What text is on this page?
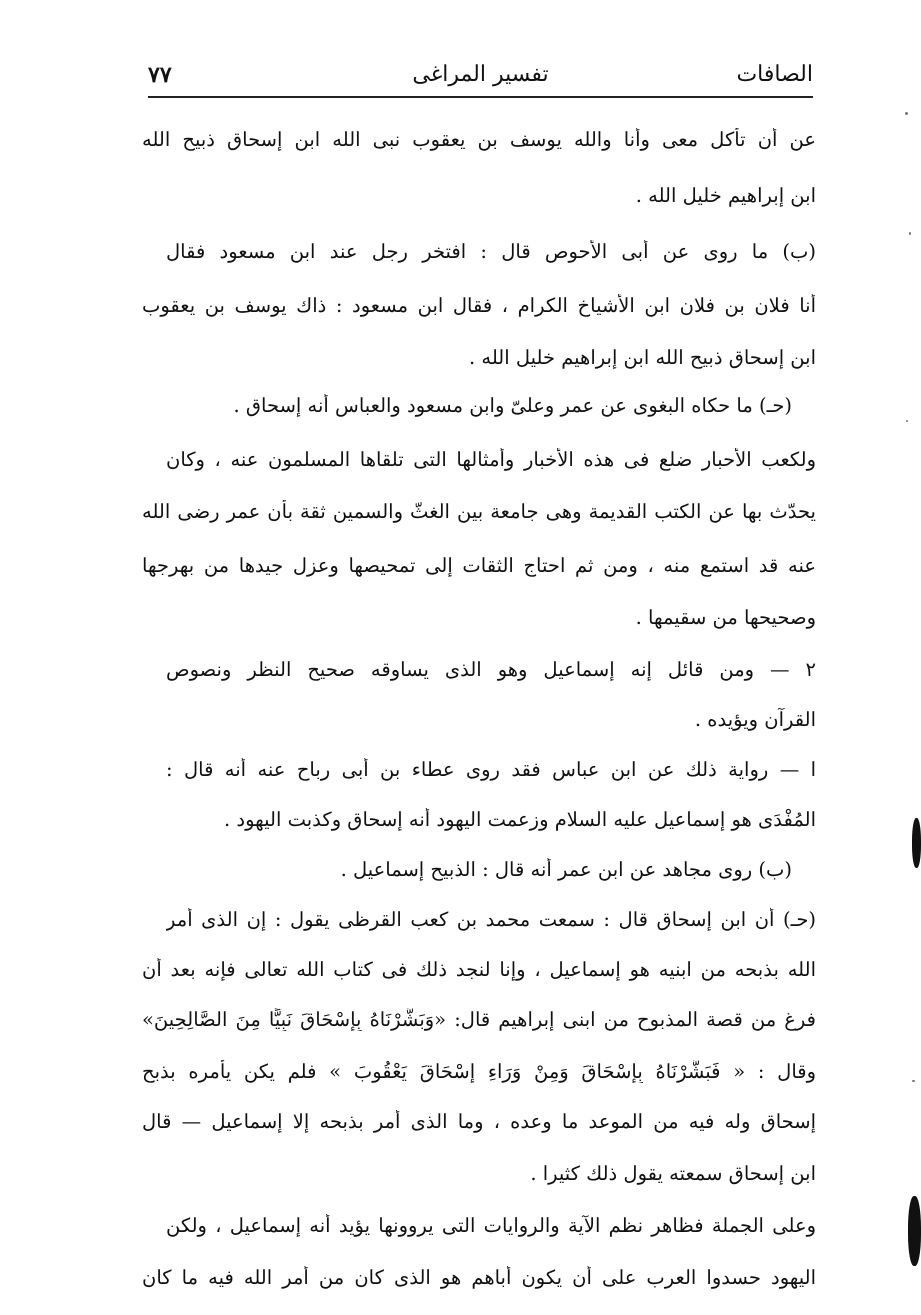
الصافات
تفسير المراغى
٧٧
عن أن تأكل معى وأنا والله يوسف بن يعقوب نبى الله ابن إسحاق ذبيح الله
ابن إبراهيم خليل الله .
(ب) ما روى عن أبى الأحوص قال : افتخر رجل عند ابن مسعود فقال
أنا فلان بن فلان ابن الأشياخ الكرام ، فقال ابن مسعود : ذاك يوسف بن يعقوب
ابن إسحاق ذبيح الله ابن إبراهيم خليل الله .
(حـ) ما حكاه البغوى عن عمر وعلىّ وابن مسعود والعباس أنه إسحاق .
ولكعب الأحبار ضلع فى هذه الأخبار وأمثالها التى تلقاها المسلمون عنه ، وكان
يحدّث بها عن الكتب القديمة وهى جامعة بين الغثّ والسمين ثقة بأن عمر رضى الله
عنه قد استمع منه ، ومن ثم احتاج الثقات إلى تمحيصها وعزل جيدها من بهرجها
وصحيحها من سقيمها .
٢ — ومن قائل إنه إسماعيل وهو الذى يساوقه صحيح النظر ونصوص
القرآن ويؤيده .
ا — رواية ذلك عن ابن عباس فقد روى عطاء بن أبى رباح عنه أنه قال :
المُفْدَى هو إسماعيل عليه السلام وزعمت اليهود أنه إسحاق وكذبت اليهود .
(ب) روى مجاهد عن ابن عمر أنه قال : الذبيح إسماعيل .
(حـ) أن ابن إسحاق قال : سمعت محمد بن كعب القرظى يقول : إن الذى أمر
الله بذبحه من ابنيه هو إسماعيل ، وإنا لنجد ذلك فى كتاب الله تعالى فإنه بعد أن
فرغ من قصة المذبوح من ابنى إبراهيم قال: «وَبَشَّرْنَاهُ بِإِسْحَاقَ نَبِيًّا مِنَ الصَّالِحِينَ»
وقال : « فَبَشَّرْنَاهُ بِإِسْحَاقَ وَمِنْ وَرَاءِ إِسْحَاقَ يَعْقُوبَ » فلم يكن يأمره بذبح
إسحاق وله فيه من الموعد ما وعده ، وما الذى أمر بذبحه إلا إسماعيل — قال
ابن إسحاق سمعته يقول ذلك كثيرا .
وعلى الجملة فظاهر نظم الآية والروايات التى يروونها يؤيد أنه إسماعيل ، ولكن
اليهود حسدوا العرب على أن يكون أباهم هو الذى كان من أمر الله فيه ما كان
